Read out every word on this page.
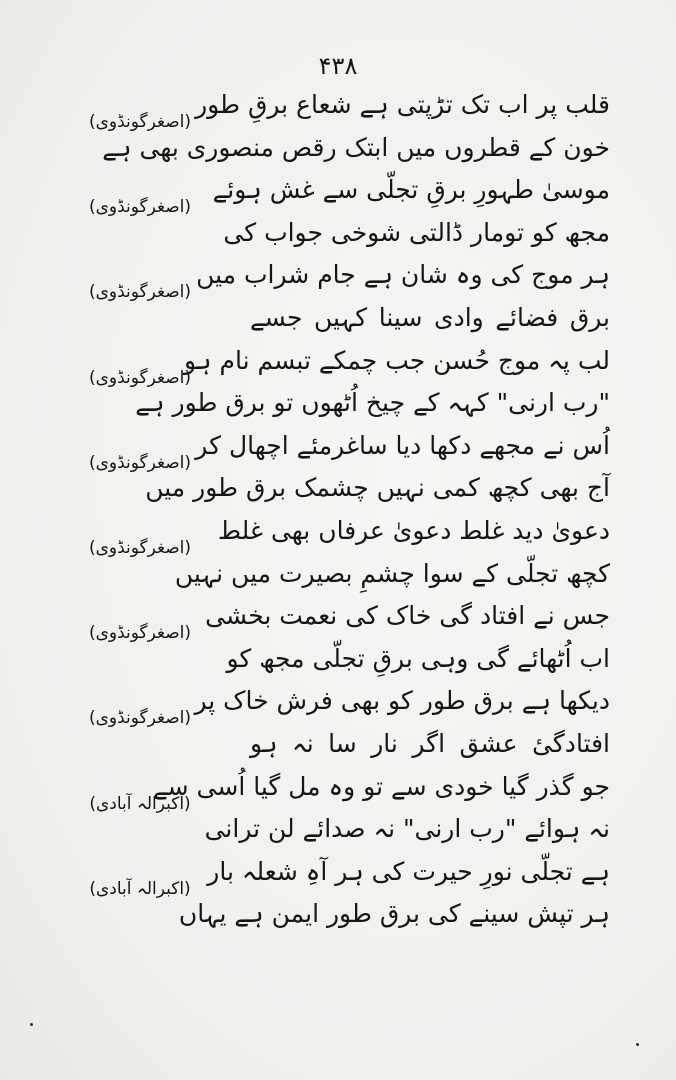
۴۳۸
قلب پر اب تک تڑپتی ہے شعاع برقِ طور
خون کے قطروں میں ابتک رقص منصوری بھی ہے
(اصغرگونڈوی)
موسیٰ طہورِ برقِ تجلّی سے غش ہوئے
مجھ کو تومار ڈالتی شوخی جواب کی
(اصغرگونڈوی)
ہر موج کی وہ شان ہے جام شراب میں
برق فضائے وادی سینا کہیں جسے
(اصغرگونڈوی)
لب پہ موج حُسن جب چمکے تبسم نام ہو
"رب ارنی" کہہ کے چیخ اُٹھوں تو برق طور ہے
(اصغرگونڈوی)
اُس نے مجھے دکھا دیا ساغرمئے اچھال کر
آج بھی کچھ کمی نہیں چشمک برق طور میں
(اصغرگونڈوی)
دعویٰ دید غلط دعویٰ عرفاں بھی غلط
کچھ تجلّی کے سوا چشمِ بصیرت میں نہیں
(اصغرگونڈوی)
جس نے افتاد گی خاک کی نعمت بخشی
اب اُٹھائے گی وہی برقِ تجلّی مجھ کو
(اصغرگونڈوی)
دیکھا ہے برق طور کو بھی فرش خاک پر
افتادگیٔ عشق اگر نار سا نہ ہو
(اصغرگونڈوی)
جو گذر گیا خودی سے تو وہ مل گیا اُسی سے
نہ ہوائے "رب ارنی" نہ صدائے لن ترانی
(اکبرالہ آبادی)
ہے تجلّی نورِ حیرت کی ہر آہِ شعلہ بار
ہر تپش سینے کی برق طور ایمن ہے یہاں
(اکبرالہ آبادی)
